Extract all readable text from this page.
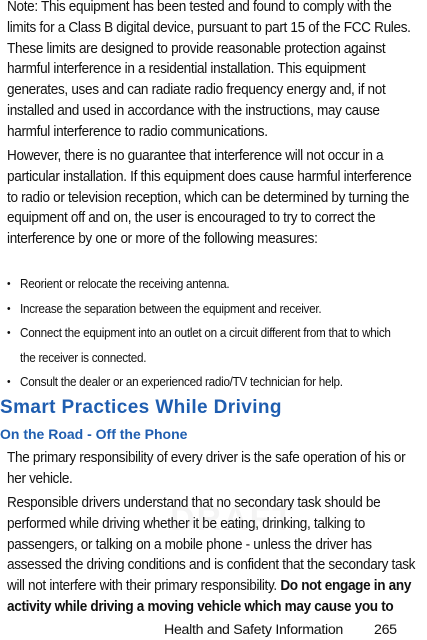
Note: This equipment has been tested and found to comply with the limits for a Class B digital device, pursuant to part 15 of the FCC Rules. These limits are designed to provide reasonable protection against harmful interference in a residential installation. This equipment generates, uses and can radiate radio frequency energy and, if not installed and used in accordance with the instructions, may cause harmful interference to radio communications.

However, there is no guarantee that interference will not occur in a particular installation. If this equipment does cause harmful interference to radio or television reception, which can be determined by turning the equipment off and on, the user is encouraged to try to correct the interference by one or more of the following measures:

• Reorient or relocate the receiving antenna.
• Increase the separation between the equipment and receiver.
• Connect the equipment into an outlet on a circuit different from that to which the receiver is connected.
• Consult the dealer or an experienced radio/TV technician for help.
Smart Practices While Driving
On the Road - Off the Phone

The primary responsibility of every driver is the safe operation of his or her vehicle.

Responsible drivers understand that no secondary task should be performed while driving whether it be eating, drinking, talking to passengers, or talking on a mobile phone - unless the driver has assessed the driving conditions and is confident that the secondary task will not interfere with their primary responsibility. Do not engage in any activity while driving a moving vehicle which may cause you to

Health and Safety Information 265
